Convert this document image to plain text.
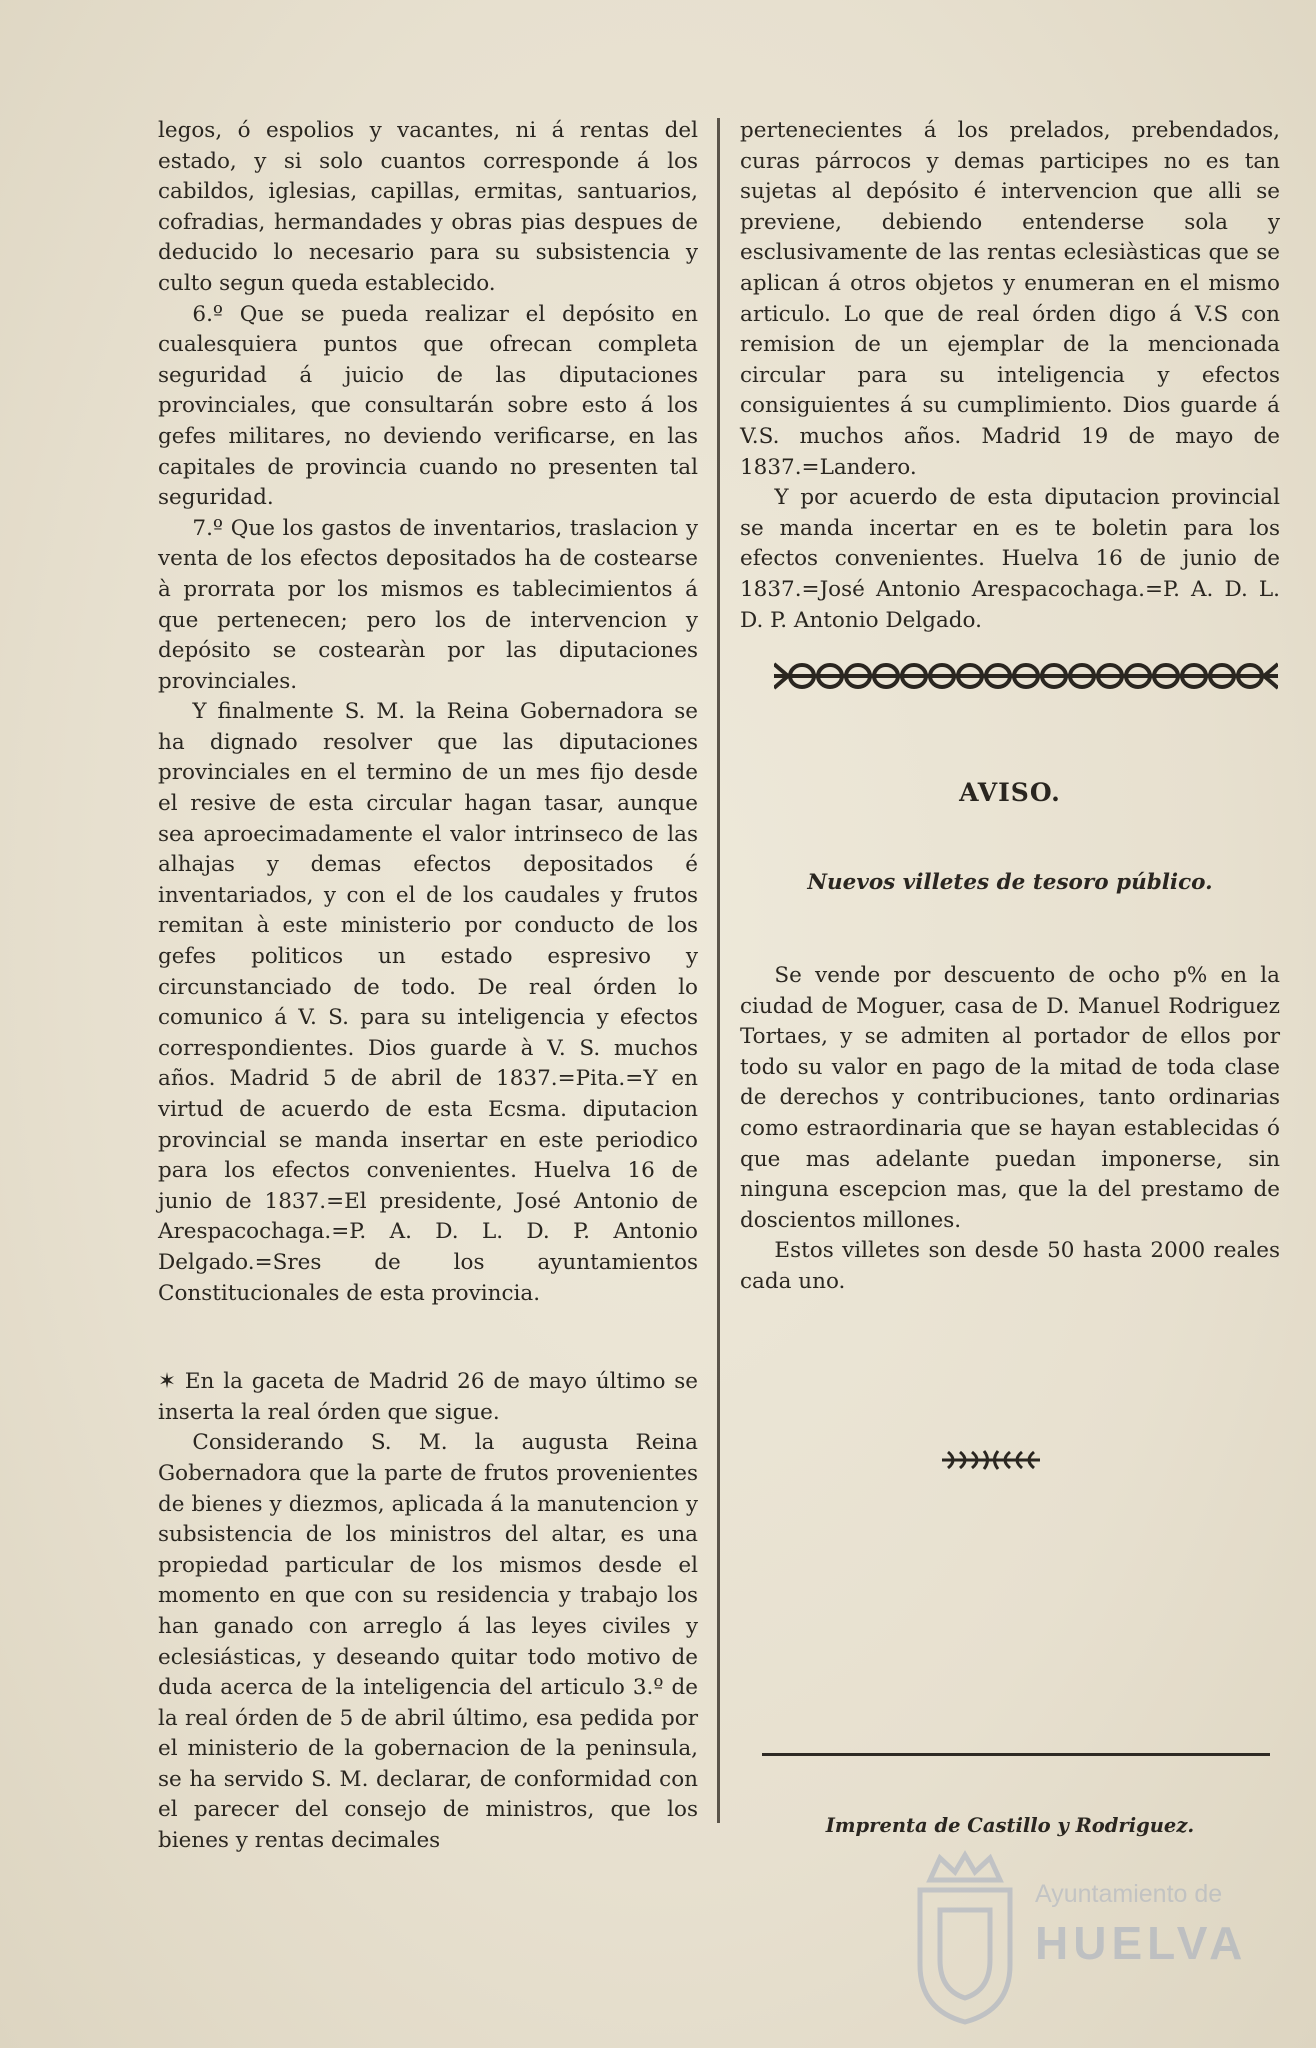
legos, ó espolios y vacantes, ni á rentas del estado, y si solo cuantos corresponde á los cabildos, iglesias, capillas, ermitas, santuarios, cofradias, hermandades y obras pias despues de deducido lo necesario para su subsistencia y culto segun queda establecido.

6.º Que se pueda realizar el depósito en cualesquiera puntos que ofrecan completa seguridad á juicio de las diputaciones provinciales, que consultarán sobre esto á los gefes militares, no deviendo verificarse, en las capitales de provincia cuando no presenten tal seguridad.

7.º Que los gastos de inventarios, traslacion y venta de los efectos depositados ha de costearse à prorrata por los mismos es tablecimientos á que pertenecen; pero los de intervencion y depósito se costearàn por las diputaciones provinciales.

Y finalmente S. M. la Reina Gobernadora se ha dignado resolver que las diputaciones provinciales en el termino de un mes fijo desde el resive de esta circular hagan tasar, aunque sea aproecimadamente el valor intrinseco de las alhajas y demas efectos depositados é inventariados, y con el de los caudales y frutos remitan à este ministerio por conducto de los gefes politicos un estado espresivo y circunstanciado de todo. De real órden lo comunico á V. S. para su inteligencia y efectos correspondientes. Dios guarde à V. S. muchos años. Madrid 5 de abril de 1837.=Pita.=Y en virtud de acuerdo de esta Ecsma. diputacion provincial se manda insertar en este periodico para los efectos convenientes. Huelva 16 de junio de 1837.=El presidente, José Antonio de Arespacochaga.=P. A. D. L. D. P. Antonio Delgado.=Sres de los ayuntamientos Constitucionales de esta provincia.

✶ En la gaceta de Madrid 26 de mayo último se inserta la real órden que sigue.

Considerando S. M. la augusta Reina Gobernadora que la parte de frutos provenientes de bienes y diezmos, aplicada á la manutencion y subsistencia de los ministros del altar, es una propiedad particular de los mismos desde el momento en que con su residencia y trabajo los han ganado con arreglo á las leyes civiles y eclesiásticas, y deseando quitar todo motivo de duda acerca de la inteligencia del articulo 3.º de la real órden de 5 de abril último, esa pedida por el ministerio de la gobernacion de la peninsula, se ha servido S. M. declarar, de conformidad con el parecer del consejo de ministros, que los bienes y rentas decimales

pertenecientes á los prelados, prebendados, curas párrocos y demas participes no es tan sujetas al depósito é intervencion que alli se previene, debiendo entenderse sola y esclusivamente de las rentas eclesiàsticas que se aplican á otros objetos y enumeran en el mismo articulo. Lo que de real órden digo á V.S con remision de un ejemplar de la mencionada circular para su inteligencia y efectos consiguientes á su cumplimiento. Dios guarde á V.S. muchos años. Madrid 19 de mayo de 1837.=Landero.

Y por acuerdo de esta diputacion provincial se manda incertar en es te boletin para los efectos convenientes. Huelva 16 de junio de 1837.=José Antonio Arespacochaga.=P. A. D. L. D. P. Antonio Delgado.

AVISO.
Nuevos villetes de tesoro público.

Se vende por descuento de ocho p% en la ciudad de Moguer, casa de D. Manuel Rodriguez Tortaes, y se admiten al portador de ellos por todo su valor en pago de la mitad de toda clase de derechos y contribuciones, tanto ordinarias como estraordinaria que se hayan establecidas ó que mas adelante puedan imponerse, sin ninguna escepcion mas, que la del prestamo de doscientos millones.

Estos villetes son desde 50 hasta 2000 reales cada uno.

Imprenta de Castillo y Rodriguez.
Ayuntamiento de
HUELVA
